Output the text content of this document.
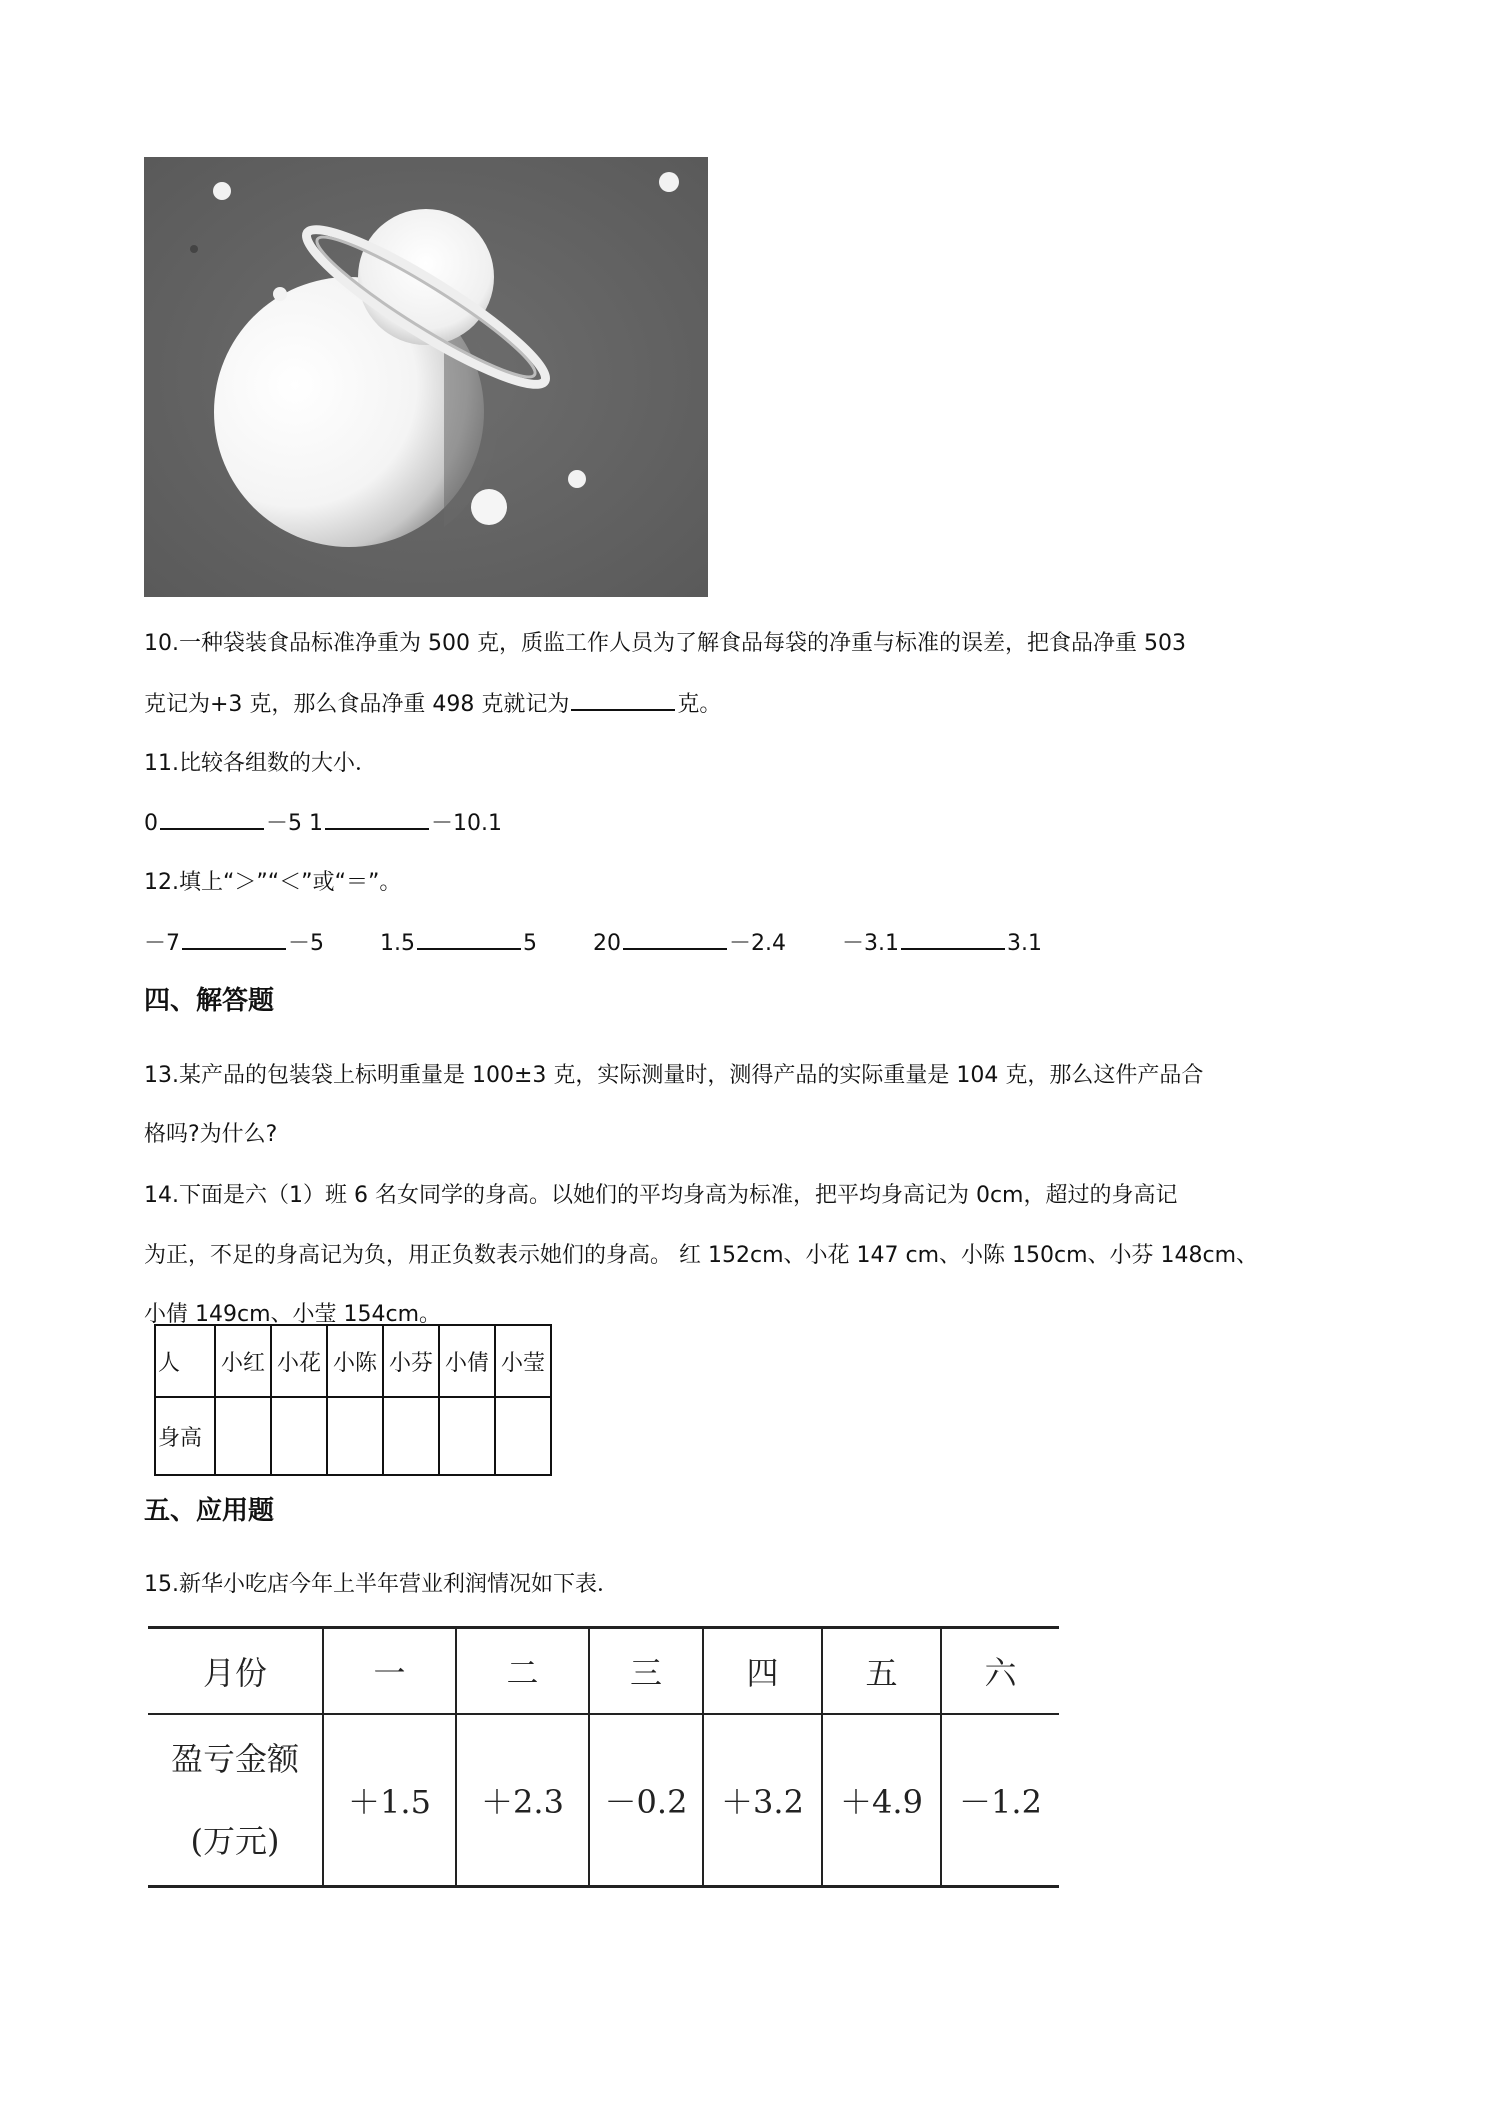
10.一种袋装食品标准净重为 500 克，质监工作人员为了解食品每袋的净重与标准的误差，把食品净重 503
克记为+3 克，那么食品净重 498 克就记为	克。
11.比较各组数的大小．
0	－5 1	－10.1
12.填上“＞”“＜”或“＝”。
－7	－5	1.5	5	20	－2.4	－3.1	3.1
四、解答题
13.某产品的包装袋上标明重量是 100±3 克，实际测量时，测得产品的实际重量是 104 克，那么这件产品合
格吗?为什么?
14.下面是六（1）班 6 名女同学的身高。以她们的平均身高为标准，把平均身高记为 0cm，超过的身高记
为正，不足的身高记为负，用正负数表示她们的身高。 红 152cm、小花 147 cm、小陈 150cm、小芬 148cm、
小倩 149cm、小莹 154cm。
人	小红	小花	小陈	小芬	小倩	小莹
身高						
五、应用题
15.新华小吃店今年上半年营业利润情况如下表．
月份	一	二	三	四	五	六

盈亏金额
(万元)	＋1.5	＋2.3	－0.2	＋3.2	＋4.9	－1.2
